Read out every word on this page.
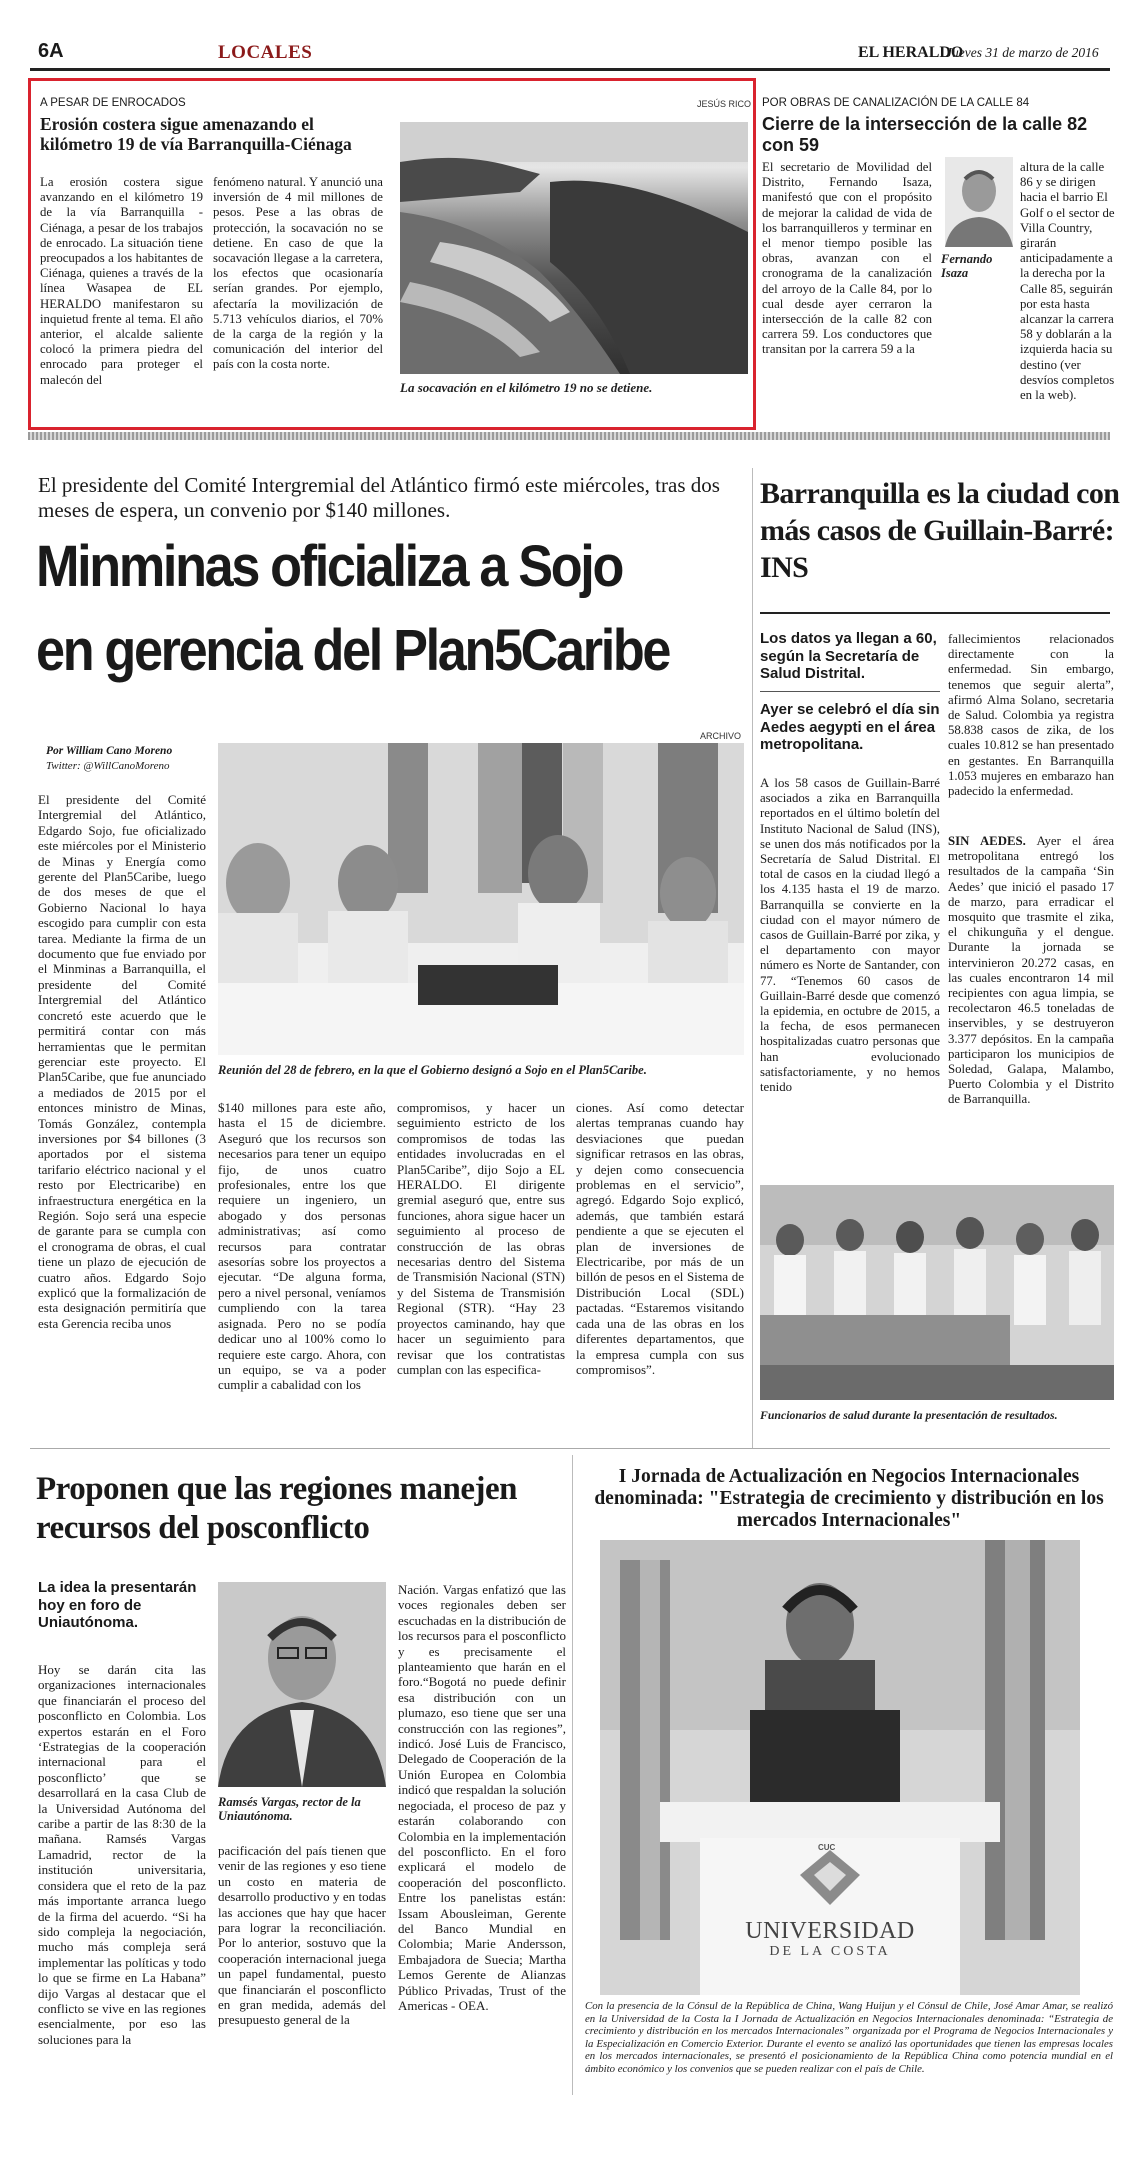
6A	LOCALES	EL HERALDO
Jueves 31 de marzo de 2016
A PESAR DE ENROCADOS	JESÚS RICO
Erosión costera sigue amenazando el kilómetro 19 de vía Barranquilla-Ciénaga
La erosión costera sigue avanzando en el kilómetro 19 de la vía Barranquilla - Ciénaga, a pesar de los trabajos de enrocado. La situación tiene preocupados a los habitantes de Ciénaga, quienes a través de la línea Wasapea de EL HERALDO manifestaron su inquietud frente al tema. El año anterior, el alcalde saliente colocó la primera piedra del enrocado para proteger el malecón del
fenómeno natural. Y anunció una inversión de 4 mil millones de pesos. Pese a las obras de protección, la socavación no se detiene. En caso de que la socavación llegase a la carretera, los efectos que ocasionaría serían grandes. Por ejemplo, afectaría la movilización de 5.713 vehículos diarios, el 70% de la carga de la región y la comunicación del interior del país con la costa norte.
La socavación en el kilómetro 19 no se detiene.
POR OBRAS DE CANALIZACIÓN DE LA CALLE 84
Cierre de la intersección de la calle 82 con 59
El secretario de Movilidad del Distrito, Fernando Isaza, manifestó que con el propósito de mejorar la calidad de vida de los barranquilleros y terminar en el menor tiempo posible las obras, avanzan con el cronograma de la canalización del arroyo de la Calle 84, por lo cual desde ayer cerraron la intersección de la calle 82 con carrera 59. Los conductores que transitan por la carrera 59 a la
Fernando Isaza
altura de la calle 86 y se dirigen hacia el barrio El Golf o el sector de Villa Country, girarán anticipadamente a la derecha por la Calle 85, seguirán por esta hasta alcanzar la carrera 58 y doblarán a la izquierda hacia su destino (ver desvíos completos en la web).
El presidente del Comité Intergremial del Atlántico firmó este miércoles, tras dos meses de espera, un convenio por $140 millones.
Minminas oficializa a Sojo
en gerencia del Plan5Caribe
Por William Cano Moreno
Twitter: @WillCanoMoreno
ARCHIVO
El presidente del Comité Intergremial del Atlántico, Edgardo Sojo, fue oficializado este miércoles por el Ministerio de Minas y Energía como gerente del Plan5Caribe, luego de dos meses de que el Gobierno Nacional lo haya escogido para cumplir con esta tarea. Mediante la firma de un documento que fue enviado por el Minminas a Barranquilla, el presidente del Comité Intergremial del Atlántico concretó este acuerdo que le permitirá contar con más herramientas que le permitan gerenciar este proyecto. El Plan5Caribe, que fue anunciado a mediados de 2015 por el entonces ministro de Minas, Tomás González, contempla inversiones por $4 billones (3 aportados por el sistema tarifario eléctrico nacional y el resto por Electricaribe) en infraestructura energética en la Región. Sojo será una especie de garante para se cumpla con el cronograma de obras, el cual tiene un plazo de ejecución de cuatro años. Edgardo Sojo explicó que la formalización de esta designación permitiría que esta Gerencia reciba unos
Reunión del 28 de febrero, en la que el Gobierno designó a Sojo en el Plan5Caribe.
$140 millones para este año, hasta el 15 de diciembre. Aseguró que los recursos son necesarios para tener un equipo fijo, de unos cuatro profesionales, entre los que requiere un ingeniero, un abogado y dos personas administrativas; así como recursos para contratar asesorías sobre los proyectos a ejecutar. “De alguna forma, pero a nivel personal, veníamos cumpliendo con la tarea asignada. Pero no se podía dedicar uno al 100% como lo requiere este cargo. Ahora, con un equipo, se va a poder cumplir a cabalidad con los
compromisos, y hacer un seguimiento estricto de los compromisos de todas las entidades involucradas en el Plan5Caribe”, dijo Sojo a EL HERALDO. El dirigente gremial aseguró que, entre sus funciones, ahora sigue hacer un seguimiento al proceso de construcción de las obras necesarias dentro del Sistema de Transmisión Nacional (STN) y del Sistema de Transmisión Regional (STR). “Hay 23 proyectos caminando, hay que hacer un seguimiento para revisar que los contratistas cumplan con las especifica-
ciones. Así como detectar alertas tempranas cuando hay desviaciones que puedan significar retrasos en las obras, y dejen como consecuencia problemas en el servicio”, agregó. Edgardo Sojo explicó, además, que también estará pendiente a que se ejecuten el plan de inversiones de Electricaribe, por más de un billón de pesos en el Sistema de Distribución Local (SDL) pactadas. “Estaremos visitando cada una de las obras en los diferentes departamentos, que la empresa cumpla con sus compromisos”.
Barranquilla es la ciudad con más casos de Guillain-Barré: INS
Los datos ya llegan a 60, según la Secretaría de Salud Distrital.
Ayer se celebró el día sin Aedes aegypti en el área metropolitana.
A los 58 casos de Guillain-Barré asociados a zika en Barranquilla reportados en el último boletín del Instituto Nacional de Salud (INS), se unen dos más notificados por la Secretaría de Salud Distrital. El total de casos en la ciudad llegó a los 4.135 hasta el 19 de marzo. Barranquilla se convierte en la ciudad con el mayor número de casos de Guillain-Barré por zika, y el departamento con mayor número es Norte de Santander, con 77. “Tenemos 60 casos de Guillain-Barré desde que comenzó la epidemia, en octubre de 2015, a la fecha, de esos permanecen hospitalizadas cuatro personas que han evolucionado satisfactoriamente, y no hemos tenido
fallecimientos relacionados directamente con la enfermedad. Sin embargo, tenemos que seguir alerta”, afirmó Alma Solano, secretaria de Salud. Colombia ya registra 58.838 casos de zika, de los cuales 10.812 se han presentado en gestantes. En Barranquilla 1.053 mujeres en embarazo han padecido la enfermedad.
SIN AEDES. Ayer el área metropolitana entregó los resultados de la campaña ‘Sin Aedes’ que inició el pasado 17 de marzo, para erradicar el mosquito que trasmite el zika, el chikunguña y el dengue. Durante la jornada se intervinieron 20.272 casas, en las cuales encontraron 14 mil recipientes con agua limpia, se recolectaron 46.5 toneladas de inservibles, y se destruyeron 3.377 depósitos. En la campaña participaron los municipios de Soledad, Galapa, Malambo, Puerto Colombia y el Distrito de Barranquilla.
Funcionarios de salud durante la presentación de resultados.
Proponen que las regiones manejen recursos del posconflicto
La idea la presentarán hoy en foro de Uniautónoma.
Hoy se darán cita las organizaciones internacionales que financiarán el proceso del posconflicto en Colombia. Los expertos estarán en el Foro ‘Estrategias de la cooperación internacional para el posconflicto’ que se desarrollará en la casa Club de la Universidad Autónoma del caribe a partir de las 8:30 de la mañana. Ramsés Vargas Lamadrid, rector de la institución universitaria, considera que el reto de la paz más importante arranca luego de la firma del acuerdo. “Si ha sido compleja la negociación, mucho más compleja será implementar las políticas y todo lo que se firme en La Habana” dijo Vargas al destacar que el conflicto se vive en las regiones esencialmente, por eso las soluciones para la
Ramsés Vargas, rector de la Uniautónoma.
pacificación del país tienen que venir de las regiones y eso tiene un costo en materia de desarrollo productivo y en todas las acciones que hay que hacer para lograr la reconciliación. Por lo anterior, sostuvo que la cooperación internacional juega un papel fundamental, puesto que financiarán el posconflicto en gran medida, además del presupuesto general de la
Nación. Vargas enfatizó que las voces regionales deben ser escuchadas en la distribución de los recursos para el posconflicto y es precisamente el planteamiento que harán en el foro.“Bogotá no puede definir esa distribución con un plumazo, eso tiene que ser una construcción con las regiones”, indicó. José Luis de Francisco, Delegado de Cooperación de la Unión Europea en Colombia indicó que respaldan la solución negociada, el proceso de paz y estarán colaborando con Colombia en la implementación del posconflicto. En el foro explicará el modelo de cooperación del posconflicto. Entre los panelistas están: Issam Abousleiman, Gerente del Banco Mundial en Colombia; Marie Andersson, Embajadora de Suecia; Martha Lemos Gerente de Alianzas Público Privadas, Trust of the Americas - OEA.
I Jornada de Actualización en Negocios Internacionales denominada: "Estrategia de crecimiento y distribución en los mercados Internacionales"
CUC
UNIVERSIDAD
DE LA COSTA
Con la presencia de la Cónsul de la República de China, Wang Huijun y el Cónsul de Chile, José Amar Amar, se realizó en la Universidad de la Costa la I Jornada de Actualización en Negocios Internacionales denominada: “Estrategia de crecimiento y distribución en los mercados Internacionales” organizada por el Programa de Negocios Internacionales y la Especialización en Comercio Exterior. Durante el evento se analizó las oportunidades que tienen las empresas locales en los mercados internacionales, se presentó el posicionamiento de la República China como potencia mundial en el ámbito económico y los convenios que se pueden realizar con el país de Chile.
